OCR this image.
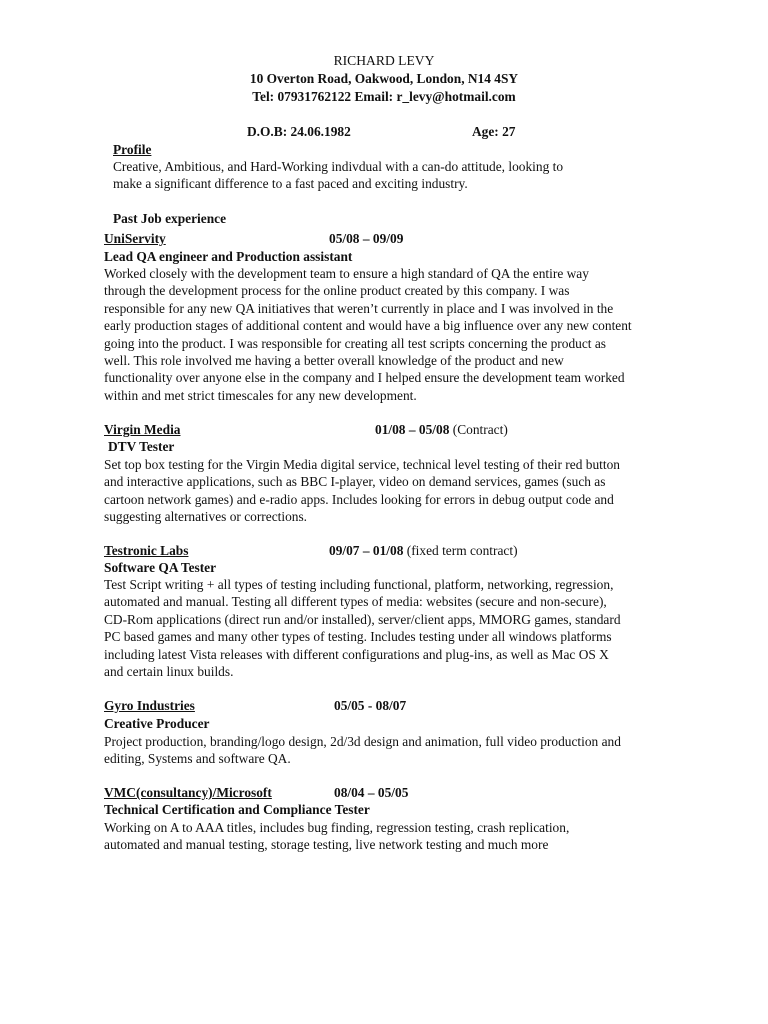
RICHARD LEVY
10 Overton Road, Oakwood, London, N14 4SY
Tel: 07931762122 Email: r_levy@hotmail.com
D.O.B: 24.06.1982	Age: 27
Profile
Creative, Ambitious, and Hard-Working indivdual with a can-do attitude, looking to
make a significant difference to a fast paced and exciting industry.
Past Job experience
UniServity	05/08 – 09/09
Lead QA engineer and Production assistant
Worked closely with the development team to ensure a high standard of QA the entire way
through the development process for the online product created by this company. I was
responsible for any new QA initiatives that weren’t currently in place and I was involved in the
early production stages of additional content and would have a big influence over any new content
going into the product. I was responsible for creating all test scripts concerning the product as
well. This role involved me having a better overall knowledge of the product and new
functionality over anyone else in the company and I helped ensure the development team worked
within and met strict timescales for any new development.
Virgin Media	01/08 – 05/08 (Contract)
DTV Tester
Set top box testing for the Virgin Media digital service, technical level testing of their red button
and interactive applications, such as BBC I-player, video on demand services, games (such as
cartoon network games) and e-radio apps. Includes looking for errors in debug output code and
suggesting alternatives or corrections.
Testronic Labs	09/07 – 01/08 (fixed term contract)
Software QA Tester
Test Script writing + all types of testing including functional, platform, networking, regression,
automated and manual. Testing all different types of media: websites (secure and non-secure),
CD-Rom applications (direct run and/or installed), server/client apps, MMORG games, standard
PC based games and many other types of testing. Includes testing under all windows platforms
including latest Vista releases with different configurations and plug-ins, as well as Mac OS X
and certain linux builds.
Gyro Industries	05/05 - 08/07
Creative Producer
Project production, branding/logo design, 2d/3d design and animation, full video production and
editing, Systems and software QA.
VMC(consultancy)/Microsoft	08/04 – 05/05
Technical Certification and Compliance Tester
Working on A to AAA titles, includes bug finding, regression testing, crash replication,
automated and manual testing, storage testing, live network testing and much more
